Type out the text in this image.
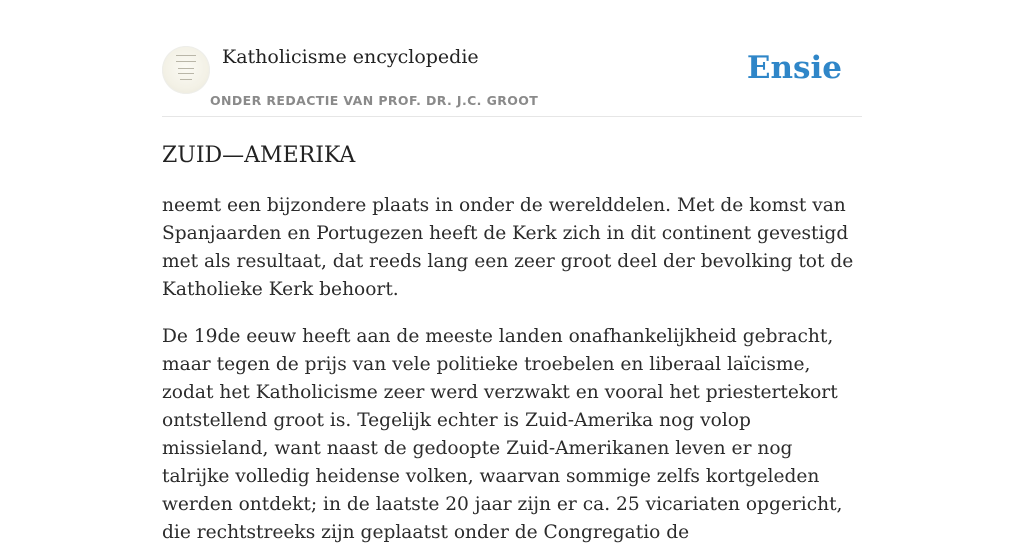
Katholicisme encyclopedie
ONDER REDACTIE VAN PROF. DR. J.C. GROOT
Ensie
ZUID—AMERIKA

neemt een bijzondere plaats in onder de werelddelen. Met de komst van Spanjaarden en Portugezen heeft de Kerk zich in dit continent gevestigd met als resultaat, dat reeds lang een zeer groot deel der bevolking tot de Katholieke Kerk behoort.

De 19de eeuw heeft aan de meeste landen onafhankelijkheid gebracht, maar tegen de prijs van vele politieke troebelen en liberaal laïcisme, zodat het Katholicisme zeer werd verzwakt en vooral het priestertekort ontstellend groot is. Tegelijk echter is Zuid-Amerika nog volop missieland, want naast de gedoopte Zuid-Amerikanen leven er nog talrijke volledig heidense volken, waarvan sommige zelfs kortgeleden werden ontdekt; in de laatste 20 jaar zijn er ca. 25 vicariaten opgericht, die rechtstreeks zijn geplaatst onder de Congregatio de
